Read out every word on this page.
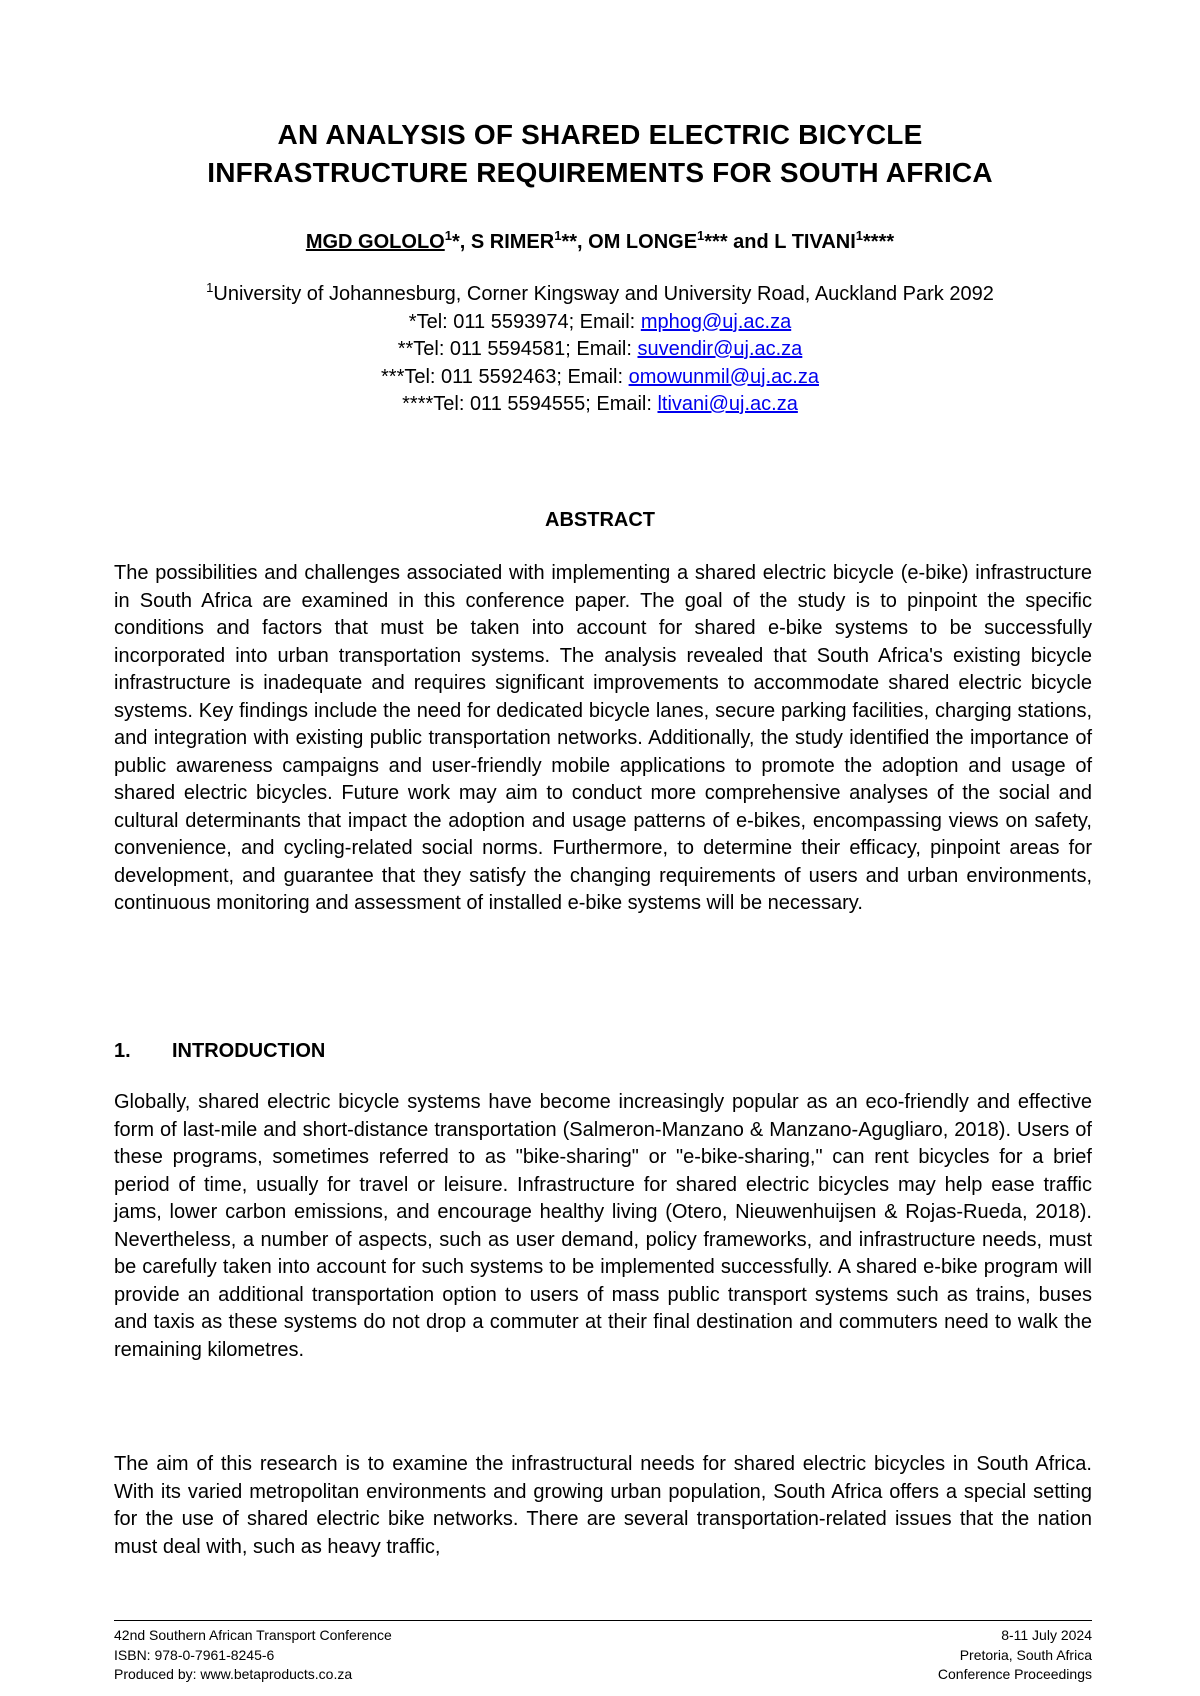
AN ANALYSIS OF SHARED ELECTRIC BICYCLE
INFRASTRUCTURE REQUIREMENTS FOR SOUTH AFRICA
MGD GOLOLO$^1$*, S RIMER$^1$**, OM LONGE$^1$*** and L TIVANI$^1$****
$^1$University of Johannesburg, Corner Kingsway and University Road, Auckland Park 2092
*Tel: 011 5593974; Email: mphog@uj.ac.za
**Tel: 011 5594581; Email: suvendir@uj.ac.za
***Tel: 011 5592463; Email: omowunmil@uj.ac.za
****Tel: 011 5594555; Email: ltivani@uj.ac.za
ABSTRACT
The possibilities and challenges associated with implementing a shared electric bicycle (e-bike) infrastructure in South Africa are examined in this conference paper. The goal of the study is to pinpoint the specific conditions and factors that must be taken into account for shared e-bike systems to be successfully incorporated into urban transportation systems. The analysis revealed that South Africa's existing bicycle infrastructure is inadequate and requires significant improvements to accommodate shared electric bicycle systems. Key findings include the need for dedicated bicycle lanes, secure parking facilities, charging stations, and integration with existing public transportation networks. Additionally, the study identified the importance of public awareness campaigns and user-friendly mobile applications to promote the adoption and usage of shared electric bicycles. Future work may aim to conduct more comprehensive analyses of the social and cultural determinants that impact the adoption and usage patterns of e-bikes, encompassing views on safety, convenience, and cycling-related social norms. Furthermore, to determine their efficacy, pinpoint areas for development, and guarantee that they satisfy the changing requirements of users and urban environments, continuous monitoring and assessment of installed e-bike systems will be necessary.
1. INTRODUCTION
Globally, shared electric bicycle systems have become increasingly popular as an eco-friendly and effective form of last-mile and short-distance transportation (Salmeron-Manzano & Manzano-Agugliaro, 2018). Users of these programs, sometimes referred to as "bike-sharing" or "e-bike-sharing," can rent bicycles for a brief period of time, usually for travel or leisure. Infrastructure for shared electric bicycles may help ease traffic jams, lower carbon emissions, and encourage healthy living (Otero, Nieuwenhuijsen & Rojas-Rueda, 2018). Nevertheless, a number of aspects, such as user demand, policy frameworks, and infrastructure needs, must be carefully taken into account for such systems to be implemented successfully. A shared e-bike program will provide an additional transportation option to users of mass public transport systems such as trains, buses and taxis as these systems do not drop a commuter at their final destination and commuters need to walk the remaining kilometres.
The aim of this research is to examine the infrastructural needs for shared electric bicycles in South Africa. With its varied metropolitan environments and growing urban population, South Africa offers a special setting for the use of shared electric bike networks. There are several transportation-related issues that the nation must deal with, such as heavy traffic,
42nd Southern African Transport Conference
ISBN: 978-0-7961-8245-6
Produced by: www.betaproducts.co.za
8-11 July 2024
Pretoria, South Africa
Conference Proceedings
